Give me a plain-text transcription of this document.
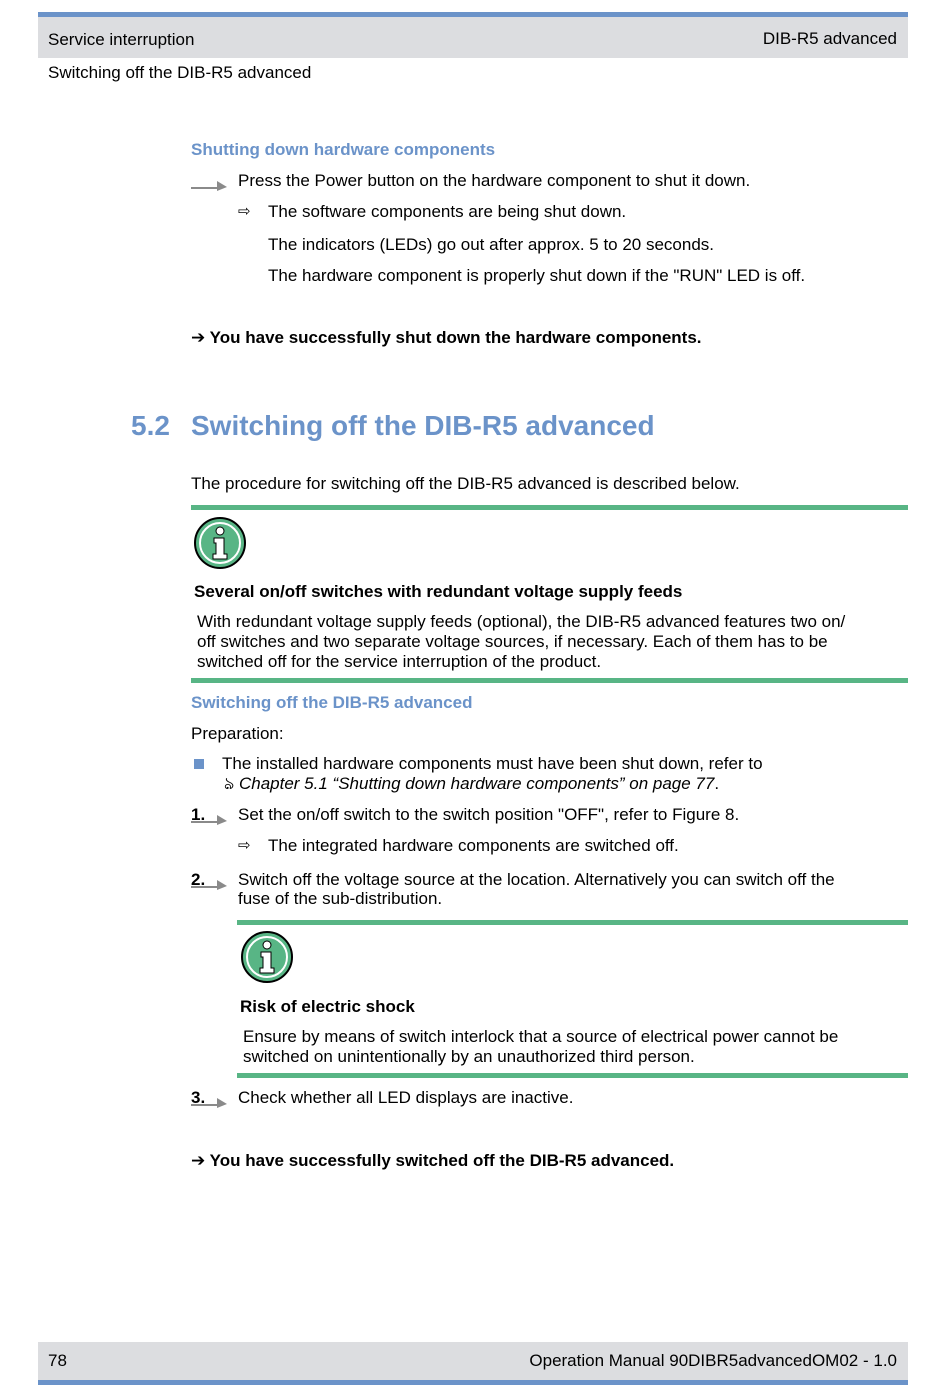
Service interruption	DIB-R5 advanced
Switching off the DIB-R5 advanced
Shutting down hardware components
Press the Power button on the hardware component to shut it down.
⇨ The software components are being shut down.
The indicators (LEDs) go out after approx. 5 to 20 seconds.
The hardware component is properly shut down if the "RUN" LED is off.
➔ You have successfully shut down the hardware components.
5.2 Switching off the DIB-R5 advanced
The procedure for switching off the DIB-R5 advanced is described below.
Several on/off switches with redundant voltage supply feeds
With redundant voltage supply feeds (optional), the DIB-R5 advanced features two on/
off switches and two separate voltage sources, if necessary. Each of them has to be
switched off for the service interruption of the product.
Switching off the DIB-R5 advanced
Preparation:
The installed hardware components must have been shut down, refer to
ঌ Chapter 5.1 “Shutting down hardware components” on page 77.
1. Set the on/off switch to the switch position "OFF", refer to Figure 8.
⇨ The integrated hardware components are switched off.
2. Switch off the voltage source at the location. Alternatively you can switch off the
fuse of the sub-distribution.
Risk of electric shock
Ensure by means of switch interlock that a source of electrical power cannot be
switched on unintentionally by an unauthorized third person.
3. Check whether all LED displays are inactive.
➔ You have successfully switched off the DIB-R5 advanced.
78	Operation Manual 90DIBR5advancedOM02 - 1.0
